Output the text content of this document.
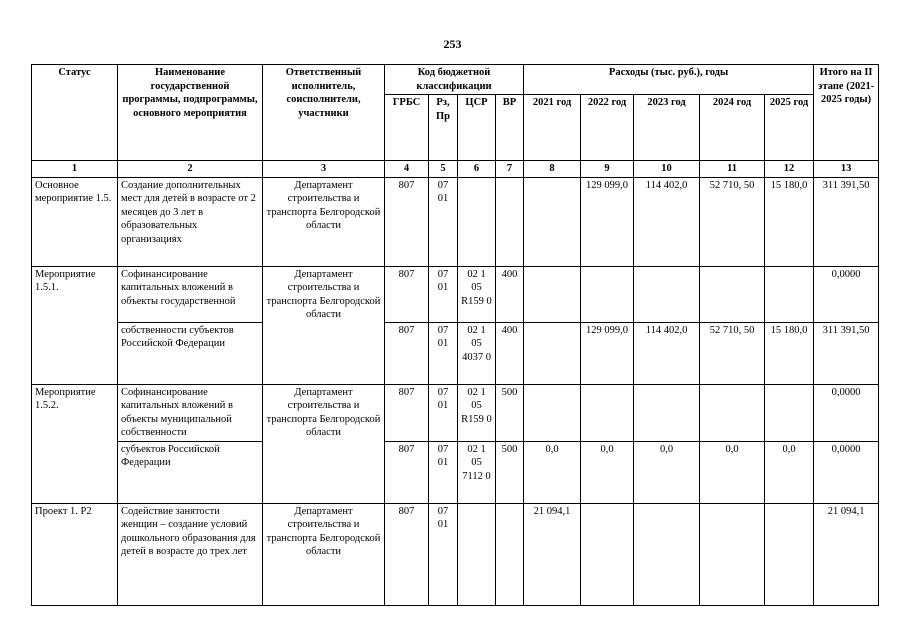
253
Статус	Наименование государственной программы, подпрограммы, основного мероприятия	Ответственный исполнитель, соисполнители, участники	Код бюджетной классификации				Расходы (тыс. руб.), годы					Итого на II этапе (2021-2025 годы)
			ГРБС	Рз, Пр	ЦСР	ВР	2021 год	2022 год	2023 год	2024 год	2025 год	
1	2	3	4	5	6	7	8	9	10	11	12	13
Основное мероприятие 1.5.	Создание дополнительных мест для детей в возрасте от 2 месяцев до 3 лет в образовательных организациях	Департамент строительства и транспорта Белгородской области	807	07 01				129 099,0	114 402,0	52 710, 50	15 180,0	311 391,50
Мероприятие 1.5.1.	Софинансирование капитальных вложений в объекты государственной	Департамент строительства и транспорта Белгородской области	807	07 01	02 1 05 R159 0	400						0,0000
	собственности субъектов Российской Федерации		807	07 01	02 1 05 4037 0	400		129 099,0	114 402,0	52 710, 50	15 180,0	311 391,50
Мероприятие 1.5.2.	Софинансирование капитальных вложений в объекты муниципальной собственности	Департамент строительства и транспорта Белгородской области	807	07 01	02 1 05 R159 0	500						0,0000
	субъектов Российской Федерации		807	07 01	02 1 05 7112 0	500	0,0	0,0	0,0	0,0	0,0	0,0000
Проект 1. Р2	Содействие занятости женщин – создание условий дошкольного образования для детей в возрасте до трех лет	Департамент строительства и транспорта Белгородской области	807	07 01			21 094,1					21 094,1
